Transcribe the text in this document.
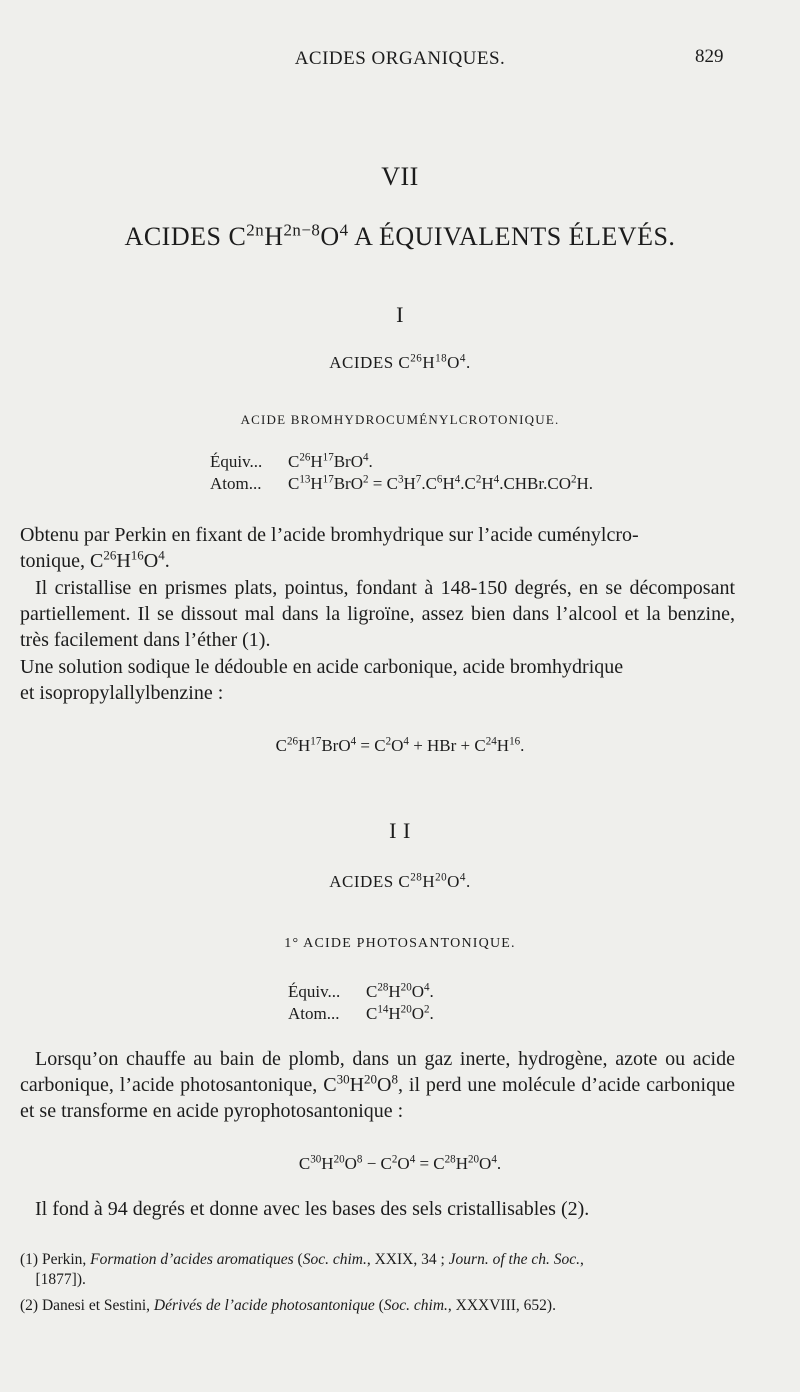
ACIDES ORGANIQUES.	829
VII
ACIDES $C^{2n}H^{2n-8}O^4$ A ÉQUIVALENTS ÉLEVÉS.
I
ACIDES $C^{26}H^{18}O^4$.
ACIDE BROMHYDROCUMÉNYLCROTONIQUE.
Équiv... $C^{26}H^{17}BrO^4$.
Atom... $C^{13}H^{17}BrO^2$ = $C^3H^7.C^6H^4.C^2H^4.CHBr.CO^2H$.
Obtenu par Perkin en fixant de l’acide bromhydrique sur l’acide cuménylcro-
tonique, $C^{26}H^{16}O^4$.
Il cristallise en prismes plats, pointus, fondant à 148-150 degrés, en se décomposant partiellement. Il se dissout mal dans la ligroïne, assez bien dans l’alcool et la benzine, très facilement dans l’éther (1).
Une solution sodique le dédouble en acide carbonique, acide bromhydrique
et isopropylallylbenzine :
$C^{26}H^{17}BrO^4 = C^2O^4$ + HBr + $C^{24}H^{16}$.
I I
ACIDES $C^{28}H^{20}O^4$.
1° ACIDE PHOTOSANTONIQUE.
Équiv... $C^{28}H^{20}O^4$.
Atom... $C^{14}H^{20}O^2$.
Lorsqu’on chauffe au bain de plomb, dans un gaz inerte, hydrogène, azote ou acide carbonique, l’acide photosantonique, $C^{30}H^{20}O^8$, il perd une molécule d’acide carbonique et se transforme en acide pyrophotosantonique :
$C^{30}H^{20}O^8 - C^2O^4 = C^{28}H^{20}O^4$.
Il fond à 94 degrés et donne avec les bases des sels cristallisables (2).
(1) Perkin, Formation d’acides aromatiques (Soc. chim., XXIX, 34 ; Journ. of the ch. Soc.,
[1877]).
(2) Danesi et Sestini, Dérivés de l’acide photosantonique (Soc. chim., XXXVIII, 652).
